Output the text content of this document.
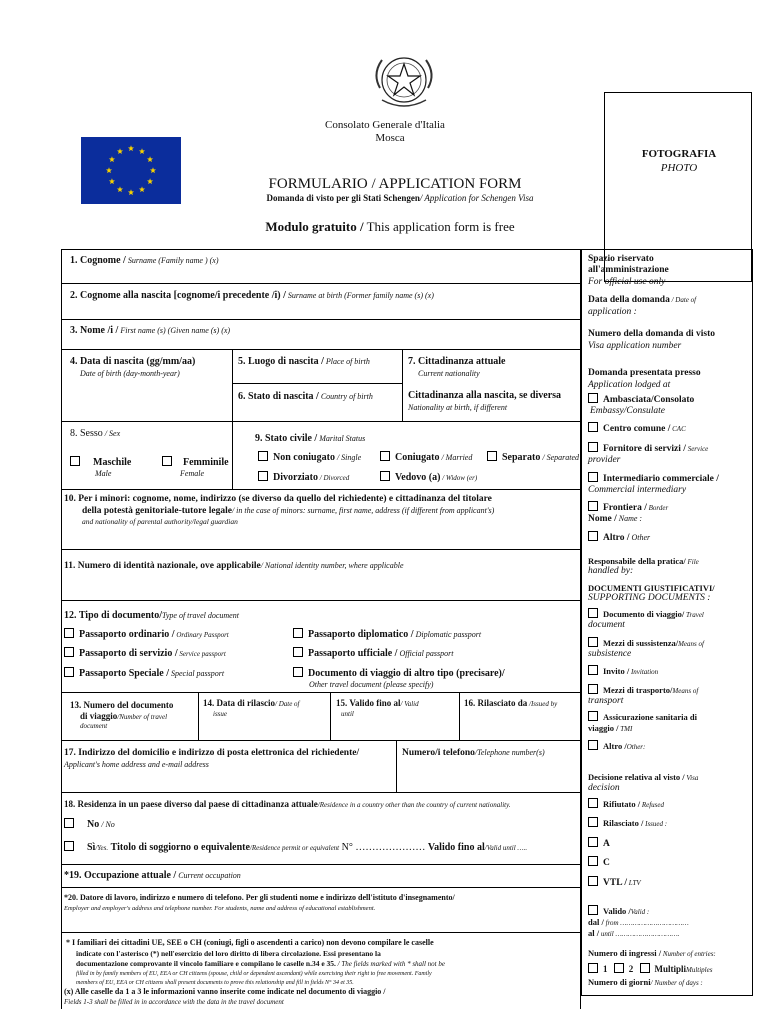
Consolato Generale d'Italia
Mosca
FOTOGRAFIA
PHOTO
FORMULARIO / APPLICATION FORM
Domanda di visto per gli Stati Schengen/ Application for Schengen Visa
Modulo gratuito / This application form is free
1. Cognome / Surname (Family name ) (x)
2. Cognome alla nascita [cognome/i precedente /i) / Surname at birth (Former family name (s) (x)
3. Nome /i / First name (s) (Given name (s) (x)
4. Data di nascita (gg/mm/aa)
Date of birth (day-month-year)
5. Luogo di nascita / Place of birth
6. Stato di nascita / Country of birth
7. Cittadinanza attuale
Current nationality
Cittadinanza alla nascita, se diversa
Nationality at birth, if different
8. Sesso / Sex
Maschile
Male
Femminile
Female
9. Stato civile / Marital Status
Non coniugato / Single	Coniugato / Married	Separato / Separated
Divorziato / Divorced	Vedovo (a) / Widow (er)
10. Per i minori: cognome, nome, indirizzo (se diverso da quello del richiedente) e cittadinanza del titolare
della potestà genitoriale-tutore legale/ in the case of minors: surname, first name, address (if different from applicant's)
and nationality of parental authority/legal guardian
11. Numero di identità nazionale, ove applicabile/ National identity number, where applicable
12. Tipo di documento/Type of travel document
Passaporto ordinario / Ordinary Passport	Passaporto diplomatico / Diplomatic passport
Passaporto di servizio / Service passport	Passaporto ufficiale / Official passport
Passaporto Speciale / Special passport	Documento di viaggio di altro tipo (precisare)/
Other travel document (please specify)
13. Numero del documento
di viaggio/Number of travel
document
14. Data di rilascio/ Date of
issue
15. Valido fino al/ Valid
until
16. Rilasciato da /Issued by
17. Indirizzo del domicilio e indirizzo di posta elettronica del richiedente/
Applicant's home address and e-mail address
Numero/i telefono/Telephone number(s)
18. Residenza in un paese diverso dal paese di cittadinanza attuale/Residence in a country other than the country of current nationality.
No / No
Sì/Yes. Titolo di soggiorno o equivalente/Residence permit or equivalent N° ………………… Valido fino al/Valid until …..
*19. Occupazione attuale / Current occupation
*20. Datore di lavoro, indirizzo e numero di telefono. Per gli studenti nome e indirizzo dell'istituto d'insegnamento/
Employer and employer's address and telephone number. For students, name and address of educational establishment.
* I familiari dei cittadini UE, SEE o CH (coniugi, figli o ascendenti a carico) non devono compilare le caselle
indicate con l'asterisco (*) nell'esercizio del loro diritto di libera circolazione. Essi presentano la
documentazione comprovante il vincolo familiare e compilano le caselle n.34 e 35. / The fields marked with * shall not be
filled in by family members of EU, EEA or CH citizens (spouse, child or dependent ascendant) while exercising their right to free movement. Family
members of EU, EEA or CH citizens shall present documents to prove this relationship and fill in fields N° 34 et 35.
(x) Alle caselle da 1 a 3 le informazioni vanno inserite come indicate nel documento di viaggio /
Fields 1-3 shall be filled in in accordance with the data in the travel document
Spazio riservato
all'amministrazione
For official use only
Data della domanda / Date of
application :
Numero della domanda di visto
Visa application number
Domanda presentata presso
Application lodged at
Ambasciata/Consolato
Embassy/Consulate
Centro comune / CAC
Fornitore di servizi / Service
provider
Intermediario commerciale /
Commercial intermediary
Frontiera / Border
Nome / Name :
Altro / Other
Responsabile della pratica/ File
handled by:
DOCUMENTI GIUSTIFICATIVI/
SUPPORTING DOCUMENTS :
Documento di viaggio/ Travel
document
Mezzi di sussistenza/Means of
subsistence
Invito / Invitation
Mezzi di trasporto/Means of
transport
Assicurazione sanitaria di
viaggio / TMI
Altro /Other:
Decisione relativa al visto / Visa
decision
Rifiutato / Refused
Rilasciato / Issued :
A
C
VTL / LTV
Valido /Valid :
dal / from ……………………………
al / until ………………………….
Numero di ingressi / Number of entries:
1 2 MultipliMultiples
Numero di giorni/ Number of days :
